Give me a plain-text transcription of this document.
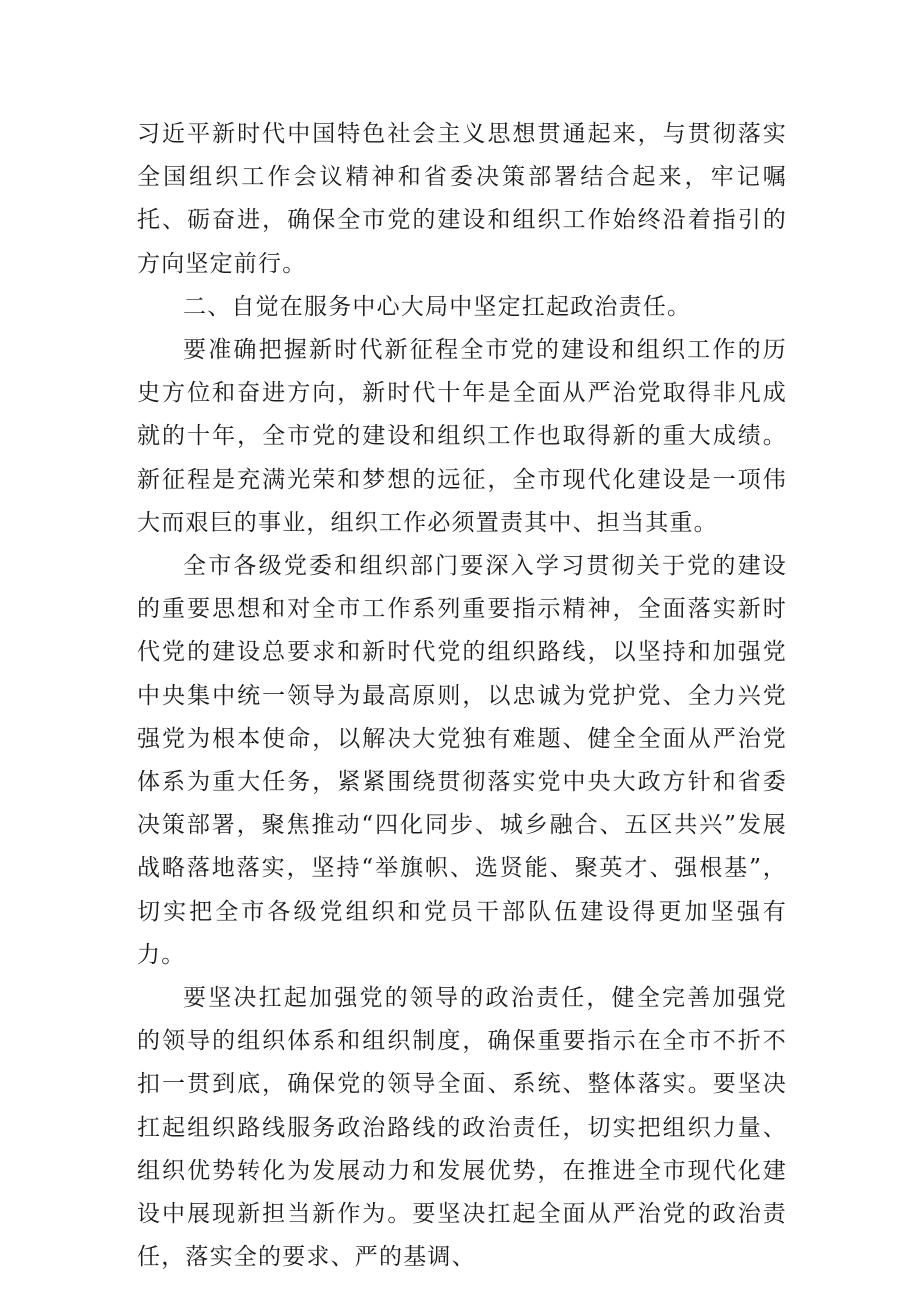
习近平新时代中国特色社会主义思想贯通起来，与贯彻落实全国组织工作会议精神和省委决策部署结合起来，牢记嘱托、砺奋进，确保全市党的建设和组织工作始终沿着指引的方向坚定前行。

二、自觉在服务中心大局中坚定扛起政治责任。

要准确把握新时代新征程全市党的建设和组织工作的历史方位和奋进方向，新时代十年是全面从严治党取得非凡成就的十年，全市党的建设和组织工作也取得新的重大成绩。新征程是充满光荣和梦想的远征，全市现代化建设是一项伟大而艰巨的事业，组织工作必须置责其中、担当其重。

全市各级党委和组织部门要深入学习贯彻关于党的建设的重要思想和对全市工作系列重要指示精神，全面落实新时代党的建设总要求和新时代党的组织路线，以坚持和加强党中央集中统一领导为最高原则，以忠诚为党护党、全力兴党强党为根本使命，以解决大党独有难题、健全全面从严治党体系为重大任务，紧紧围绕贯彻落实党中央大政方针和省委决策部署，聚焦推动“四化同步、城乡融合、五区共兴”发展战略落地落实，坚持“举旗帜、选贤能、聚英才、强根基”，切实把全市各级党组织和党员干部队伍建设得更加坚强有力。

要坚决扛起加强党的领导的政治责任，健全完善加强党的领导的组织体系和组织制度，确保重要指示在全市不折不扣一贯到底，确保党的领导全面、系统、整体落实。要坚决扛起组织路线服务政治路线的政治责任，切实把组织力量、组织优势转化为发展动力和发展优势，在推进全市现代化建设中展现新担当新作为。要坚决扛起全面从严治党的政治责任，落实全的要求、严的基调、
